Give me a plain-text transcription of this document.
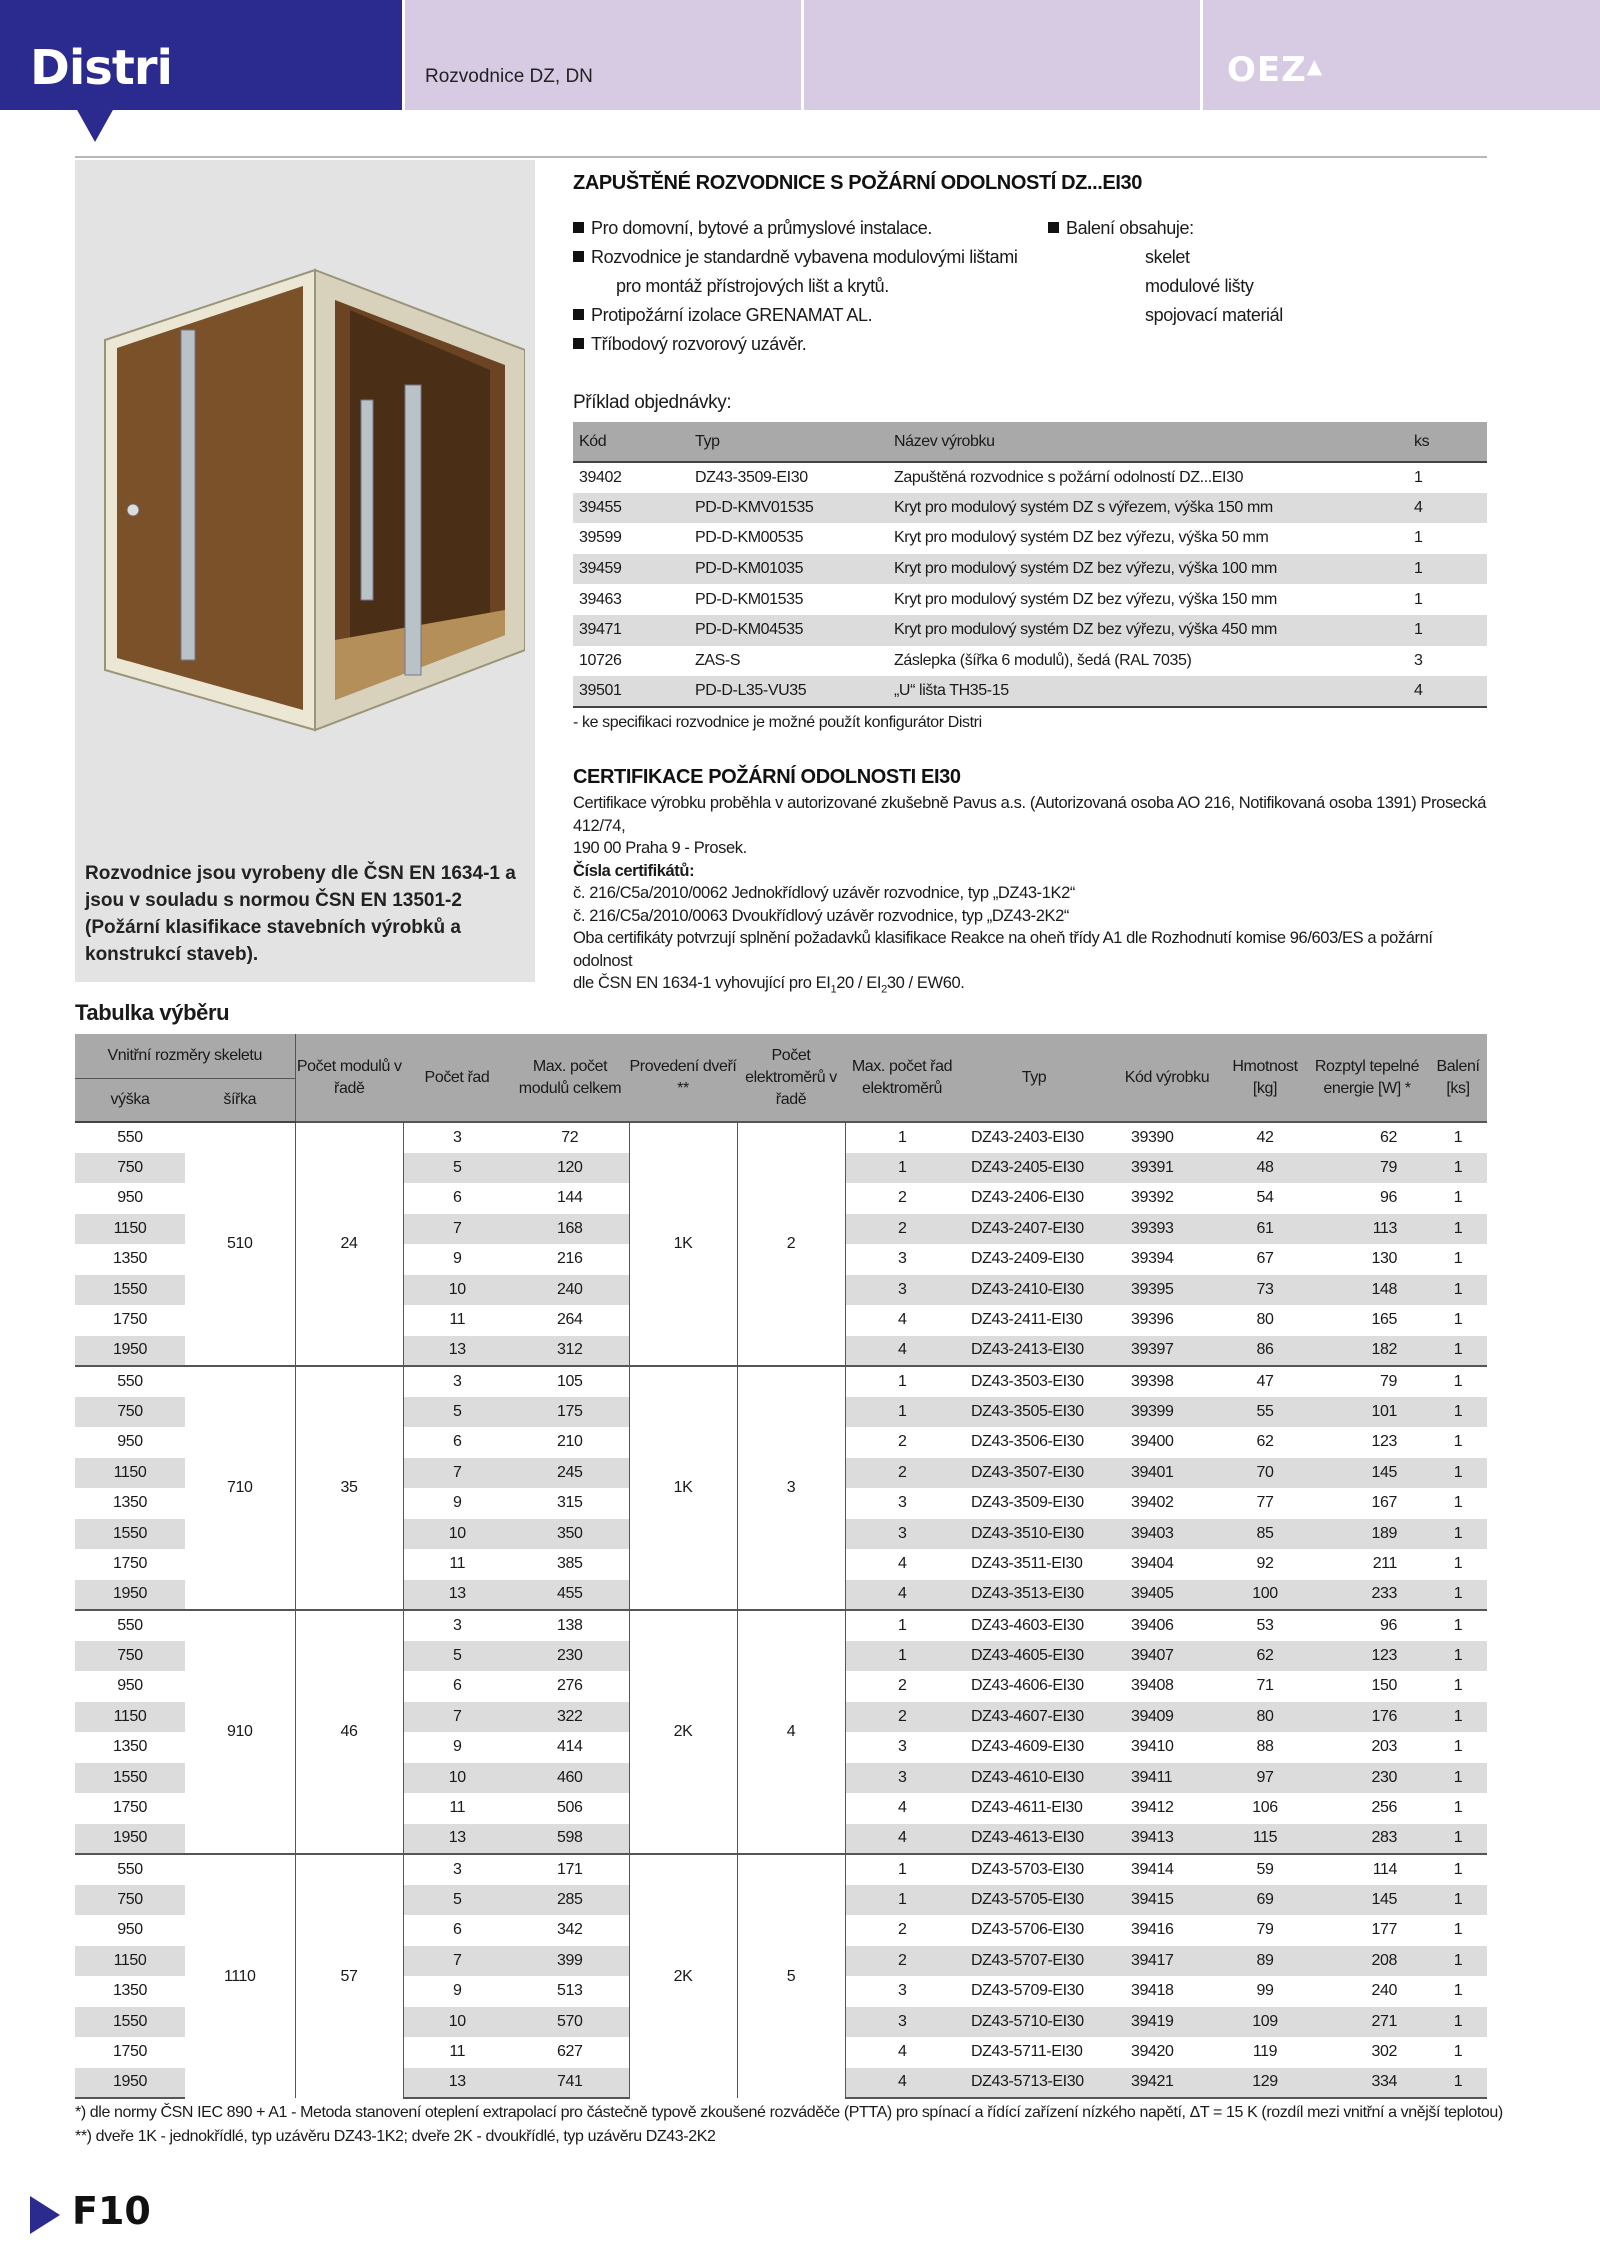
Distri	Rozvodnice DZ, DN	OEZ▲
Rozvodnice jsou vyrobeny dle ČSN EN 1634-1 a jsou v souladu s normou ČSN EN 13501-2 (Požární klasifikace stavebních výrobků a konstrukcí staveb).
ZAPUŠTĚNÉ ROZVODNICE S POŽÁRNÍ ODOLNOSTÍ DZ...EI30
Pro domovní, bytové a průmyslové instalace.
Rozvodnice je standardně vybavena modulovými lištami
pro montáž přístrojových lišt a krytů.
Protipožární izolace GRENAMAT AL.
Tříbodový rozvorový uzávěr.
Balení obsahuje:
skelet
modulové lišty
spojovací materiál
Příklad objednávky:
Kód	Typ	Název výrobku	ks
39402	DZ43-3509-EI30	Zapuštěná rozvodnice s požární odolností DZ...EI30	1
39455	PD-D-KMV01535	Kryt pro modulový systém DZ s výřezem, výška 150 mm	4
39599	PD-D-KM00535	Kryt pro modulový systém DZ bez výřezu, výška 50 mm	1
39459	PD-D-KM01035	Kryt pro modulový systém DZ bez výřezu, výška 100 mm	1
39463	PD-D-KM01535	Kryt pro modulový systém DZ bez výřezu, výška 150 mm	1
39471	PD-D-KM04535	Kryt pro modulový systém DZ bez výřezu, výška 450 mm	1
10726	ZAS-S	Záslepka (šířka 6 modulů), šedá (RAL 7035)	3
39501	PD-D-L35-VU35	„U“ lišta TH35-15	4
- ke specifikaci rozvodnice je možné použít konfigurátor Distri
CERTIFIKACE POŽÁRNÍ ODOLNOSTI EI30
Certifikace výrobku proběhla v autorizované zkušebně Pavus a.s. (Autorizovaná osoba AO 216, Notifikovaná osoba 1391) Prosecká 412/74,
190 00 Praha 9 - Prosek.
Čísla certifikátů:
č. 216/C5a/2010/0062 Jednokřídlový uzávěr rozvodnice, typ „DZ43-1K2“
č. 216/C5a/2010/0063 Dvoukřídlový uzávěr rozvodnice, typ „DZ43-2K2“
Oba certifikáty potvrzují splnění požadavků klasifikace Reakce na oheň třídy A1 dle Rozhodnutí komise 96/603/ES a požární odolnost
dle ČSN EN 1634-1 vyhovující pro $EI_120 / EI_230 / EW60$.
Tabulka výběru
Vnitřní rozměry skeletu		Počet modulů v řadě	Počet řad	Max. počet modulů celkem	Provedení dveří **	Počet elektroměrů v řadě	Max. počet řad elektroměrů	Typ	Kód výrobku	Hmotnost [kg]	Rozptyl tepelné energie [W] *	Balení [ks]
výška	šířka											
550	510	24	3	72	1K	2	1	DZ43-2403-EI30	39390	42	62	1
750			5	120			1	DZ43-2405-EI30	39391	48	79	1
950			6	144			2	DZ43-2406-EI30	39392	54	96	1
1150			7	168			2	DZ43-2407-EI30	39393	61	113	1
1350			9	216			3	DZ43-2409-EI30	39394	67	130	1
1550			10	240			3	DZ43-2410-EI30	39395	73	148	1
1750			11	264			4	DZ43-2411-EI30	39396	80	165	1
1950			13	312			4	DZ43-2413-EI30	39397	86	182	1
550	710	35	3	105	1K	3	1	DZ43-3503-EI30	39398	47	79	1
750			5	175			1	DZ43-3505-EI30	39399	55	101	1
950			6	210			2	DZ43-3506-EI30	39400	62	123	1
1150			7	245			2	DZ43-3507-EI30	39401	70	145	1
1350			9	315			3	DZ43-3509-EI30	39402	77	167	1
1550			10	350			3	DZ43-3510-EI30	39403	85	189	1
1750			11	385			4	DZ43-3511-EI30	39404	92	211	1
1950			13	455			4	DZ43-3513-EI30	39405	100	233	1
550	910	46	3	138	2K	4	1	DZ43-4603-EI30	39406	53	96	1
750			5	230			1	DZ43-4605-EI30	39407	62	123	1
950			6	276			2	DZ43-4606-EI30	39408	71	150	1
1150			7	322			2	DZ43-4607-EI30	39409	80	176	1
1350			9	414			3	DZ43-4609-EI30	39410	88	203	1
1550			10	460			3	DZ43-4610-EI30	39411	97	230	1
1750			11	506			4	DZ43-4611-EI30	39412	106	256	1
1950			13	598			4	DZ43-4613-EI30	39413	115	283	1
550	1110	57	3	171	2K	5	1	DZ43-5703-EI30	39414	59	114	1
750			5	285			1	DZ43-5705-EI30	39415	69	145	1
950			6	342			2	DZ43-5706-EI30	39416	79	177	1
1150			7	399			2	DZ43-5707-EI30	39417	89	208	1
1350			9	513			3	DZ43-5709-EI30	39418	99	240	1
1550			10	570			3	DZ43-5710-EI30	39419	109	271	1
1750			11	627			4	DZ43-5711-EI30	39420	119	302	1
1950			13	741			4	DZ43-5713-EI30	39421	129	334	1
*) dle normy ČSN IEC 890 + A1 - Metoda stanovení oteplení extrapolací pro částečně typově zkoušené rozváděče (PTTA) pro spínací a řídící zařízení nízkého napětí, ΔT = 15 K (rozdíl mezi vnitřní a vnější teplotou)
**) dveře 1K - jednokřídlé, typ uzávěru DZ43-1K2; dveře 2K - dvoukřídlé, typ uzávěru DZ43-2K2
F10
